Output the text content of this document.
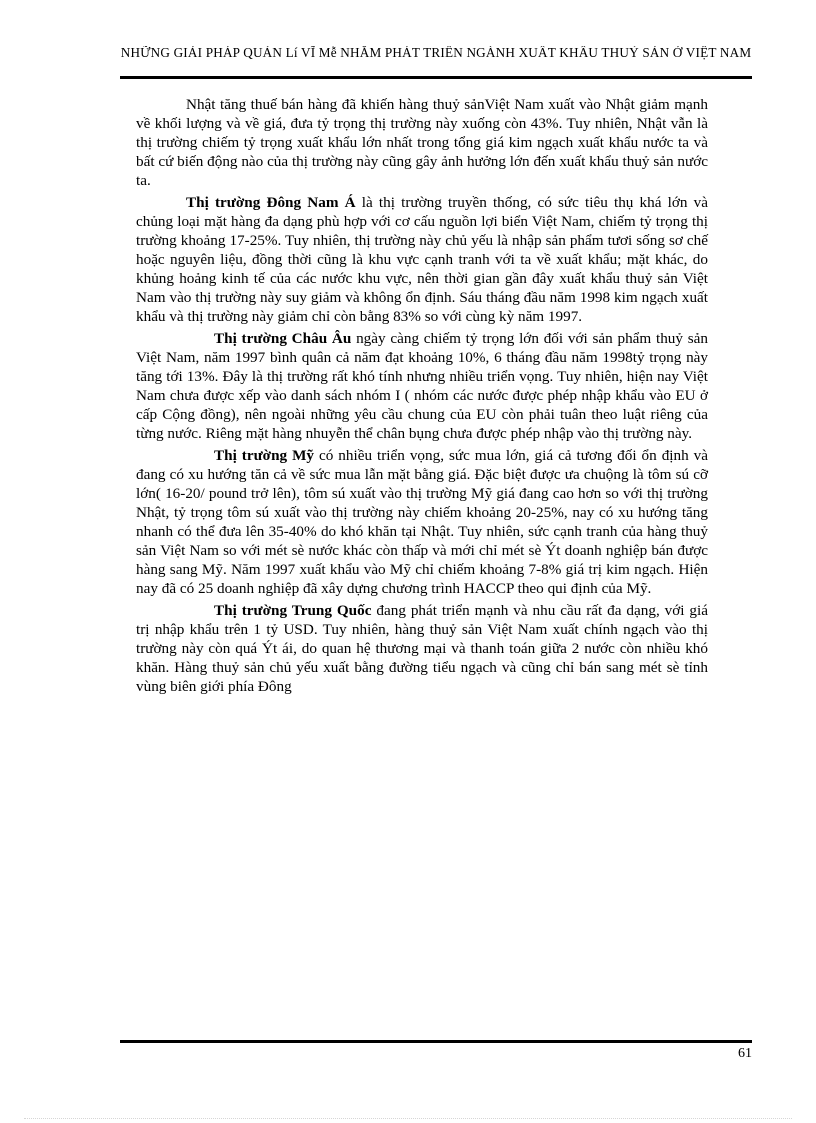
NHỮNG GIẢI PHÁP QUẢN Lí VĨ Mễ NHẰM PHÁT TRIỂN NGÀNH XUẤT KHẨU THUỶ SẢN Ở VIỆT NAM

Nhật tăng thuế bán hàng đã khiến hàng thuỷ sảnViệt Nam xuất vào Nhật giảm mạnh về khối lượng và về giá, đưa tỷ trọng thị trường này xuống còn 43%. Tuy nhiên, Nhật vẫn là thị trường chiếm tỷ trọng xuất khẩu lớn nhất trong tổng giá kim ngạch xuất khẩu nước ta và bất cứ biến động nào của thị trường này cũng gây ảnh hưởng lớn đến xuất khẩu thuỷ sản nước ta.

Thị trường Đông Nam Á là thị trường truyền thống, có sức tiêu thụ khá lớn và chủng loại mặt hàng đa dạng phù hợp với cơ cấu nguồn lợi biển Việt Nam, chiếm tỷ trọng thị trường khoảng 17-25%. Tuy nhiên, thị trường này chủ yếu là nhập sản phẩm tươi sống sơ chế hoặc nguyên liệu, đồng thời cũng là khu vực cạnh tranh với ta về xuất khẩu; mặt khác, do khủng hoảng kinh tế của các nước khu vực, nên thời gian gần đây xuất khẩu thuỷ sản Việt Nam vào thị trường này suy giảm và không ổn định. Sáu tháng đầu năm 1998 kim ngạch xuất khẩu và thị trường này giảm chỉ còn bằng 83% so với cùng kỳ năm 1997.

Thị trường Châu Âu ngày càng chiếm tỷ trọng lớn đối với sản phẩm thuỷ sản Việt Nam, năm 1997 bình quân cả năm đạt khoảng 10%, 6 tháng đầu năm 1998tỷ trọng này tăng tới 13%. Đây là thị trường rất khó tính nhưng nhiều triển vọng. Tuy nhiên, hiện nay Việt Nam chưa được xếp vào danh sách nhóm I ( nhóm các nước được phép nhập khẩu vào EU ở cấp Cộng đồng), nên ngoài những yêu cầu chung của EU còn phải tuân theo luật riêng của từng nước. Riêng mặt hàng nhuyễn thể chân bụng chưa được phép nhập vào thị trường này.

Thị trường Mỹ có nhiều triển vọng, sức mua lớn, giá cả tương đối ổn định và đang có xu hướng tăn cả về sức mua lẫn mặt bằng giá. Đặc biệt được ưa chuộng là tôm sú cỡ lớn( 16-20/ pound trở lên), tôm sú xuất vào thị trường Mỹ giá đang cao hơn so với thị trường Nhật, tỷ trọng tôm sú xuất vào thị trường này chiếm khoảng 20-25%, nay có xu hướng tăng nhanh có thể đưa lên 35-40% do khó khăn tại Nhật. Tuy nhiên, sức cạnh tranh của hàng thuỷ sản Việt Nam so với mét sè nước khác còn thấp và mới chỉ mét sè Ýt doanh nghiệp bán được hàng sang Mỹ. Năm 1997 xuất khẩu vào Mỹ chỉ chiếm khoảng 7-8% giá trị kim ngạch. Hiện nay đã có 25 doanh nghiệp đã xây dựng chương trình HACCP theo qui định của Mỹ.

Thị trường Trung Quốc đang phát triển mạnh và nhu cầu rất đa dạng, với giá trị nhập khẩu trên 1 tỷ USD. Tuy nhiên, hàng thuỷ sản Việt Nam xuất chính ngạch vào thị trường này còn quá Ýt ái, do quan hệ thương mại và thanh toán giữa 2 nước còn nhiều khó khăn. Hàng thuỷ sản chủ yếu xuất bằng đường tiểu ngạch và cũng chỉ bán sang mét sè tỉnh vùng biên giới phía Đông

61
